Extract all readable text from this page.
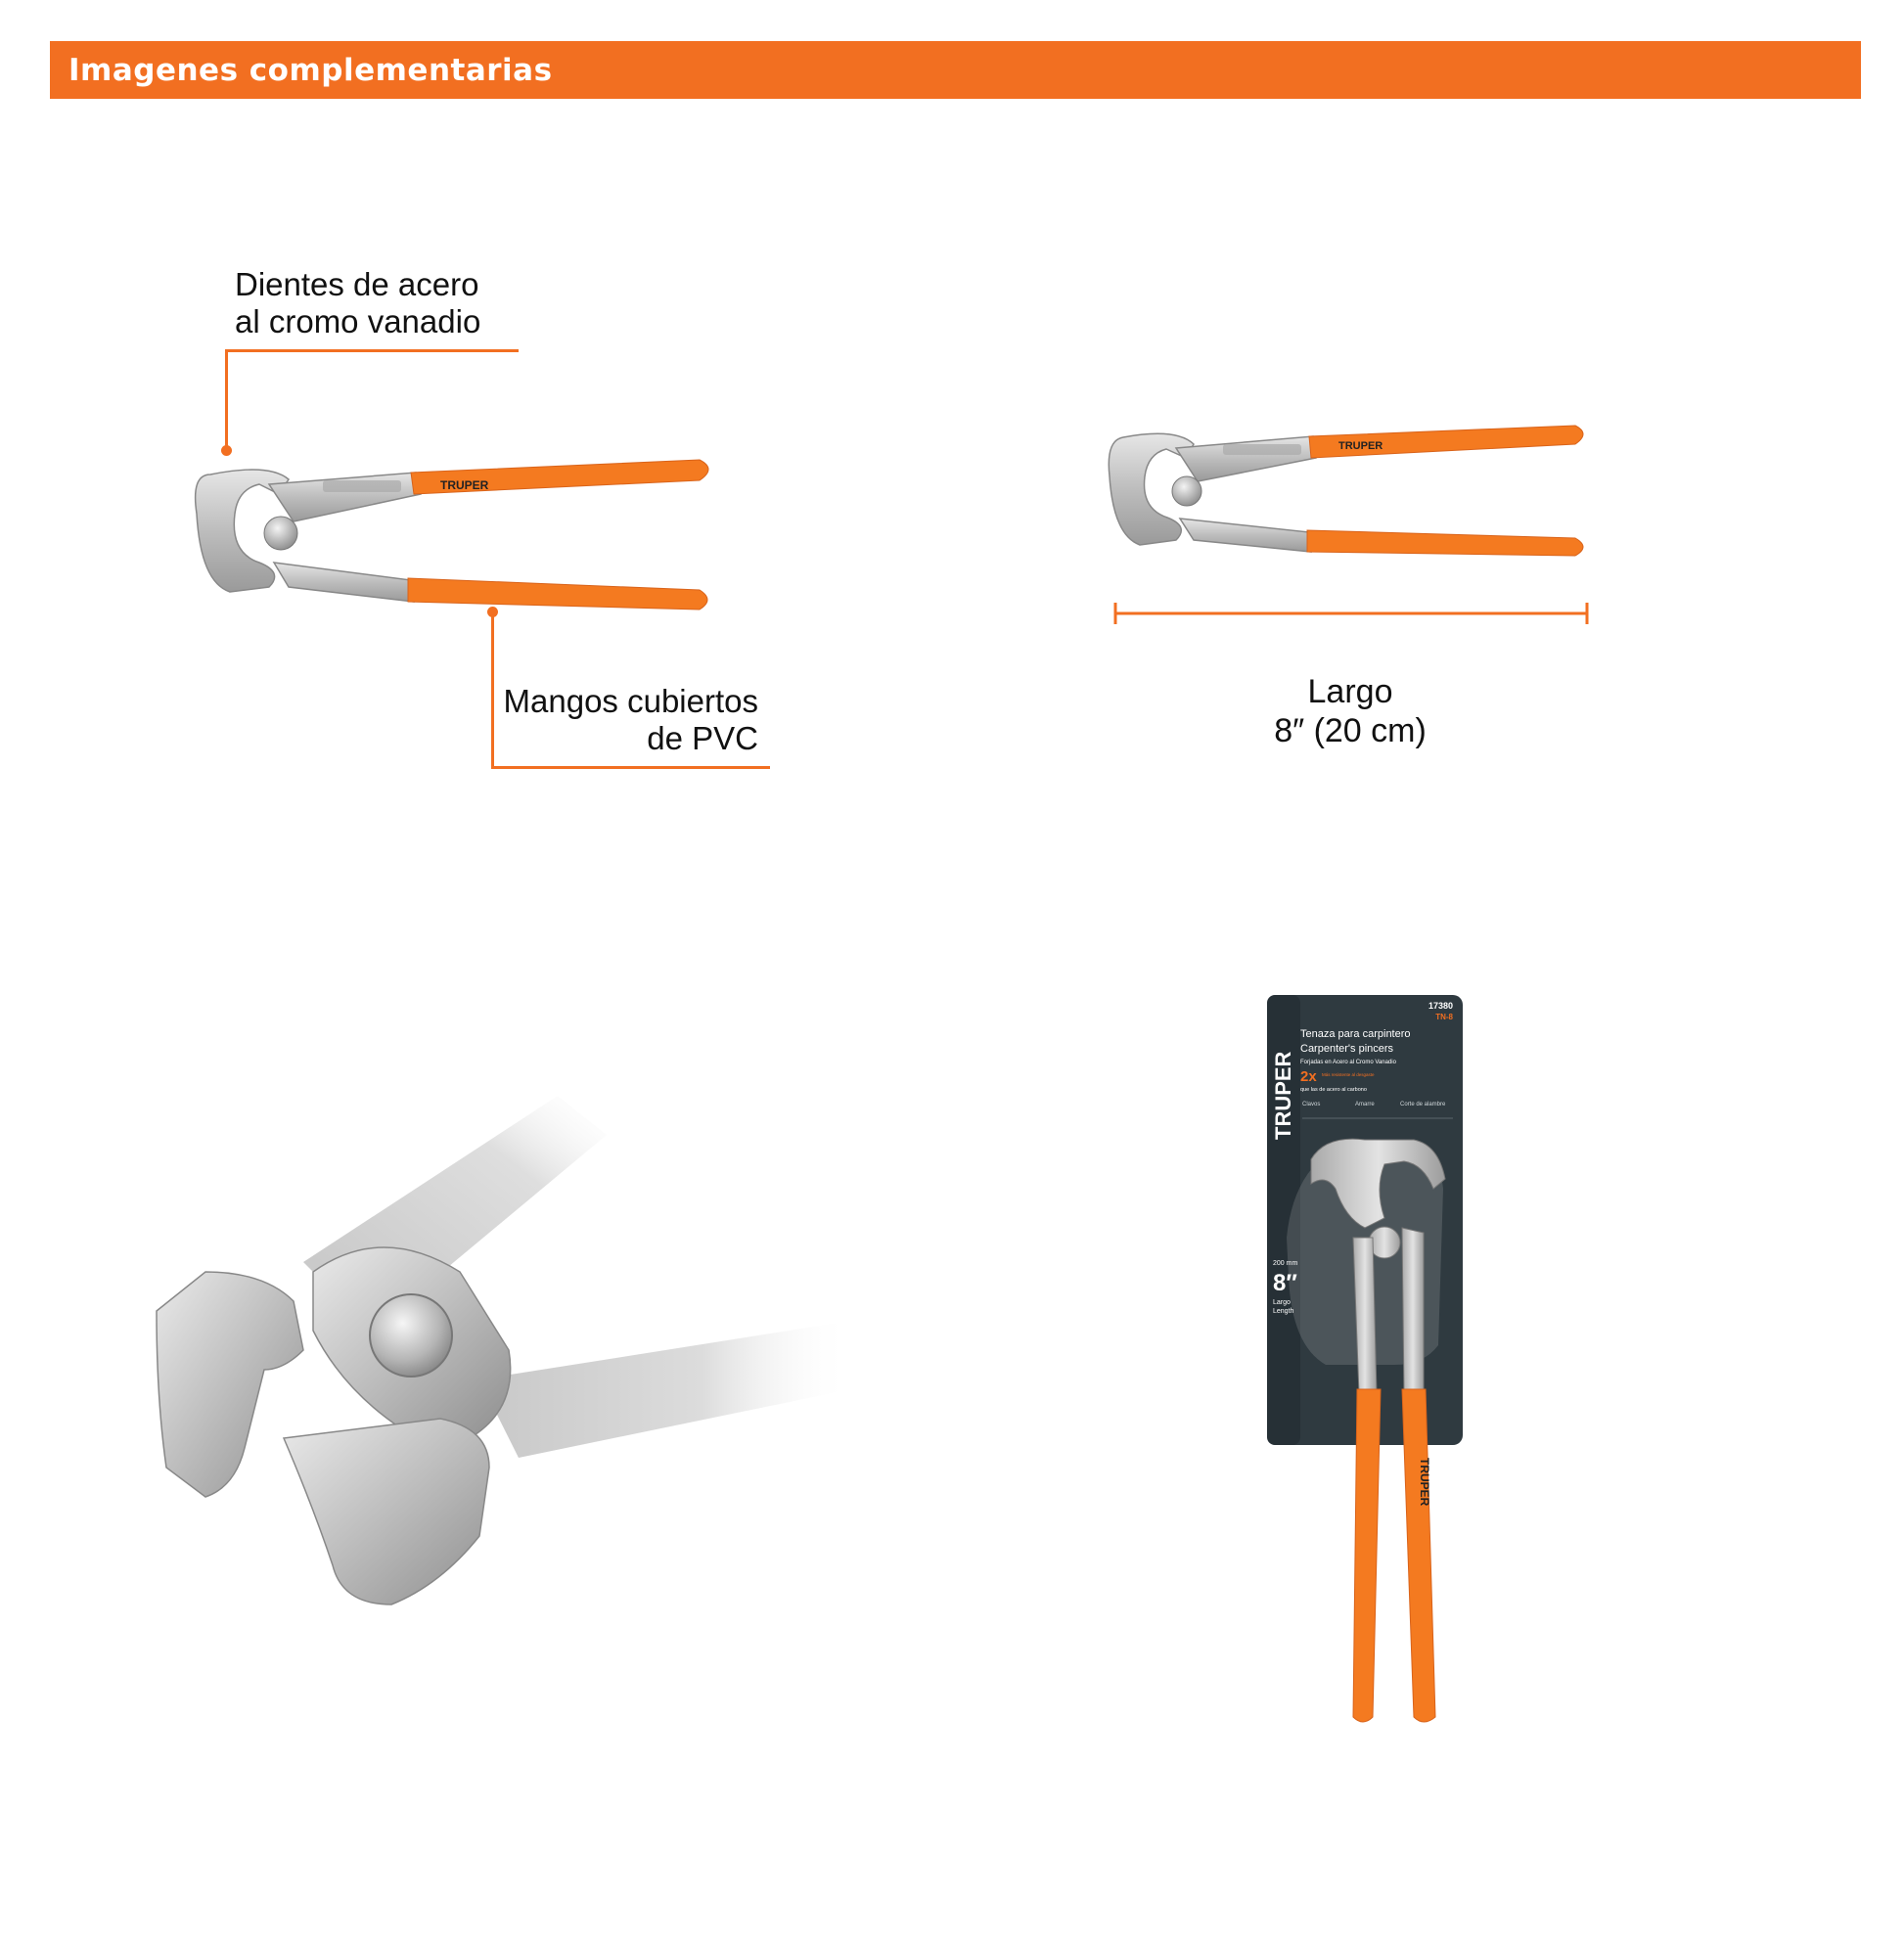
Imagenes complementarias
Dientes de acero
al cromo vanadio
Mangos cubiertos
de PVC
TRUPER
TRUPER
Largo
8″ (20 cm)
TRUPER
17380
TN-8
Tenaza para carpintero
Carpenter's pincers
Forjadas en Acero al Cromo Vanadio
2x Más resistente al desgaste
que las de acero al carbono
Clavos	Amarre	Corte de alambre
200 mm
8″
Largo
Length
TRUPER
